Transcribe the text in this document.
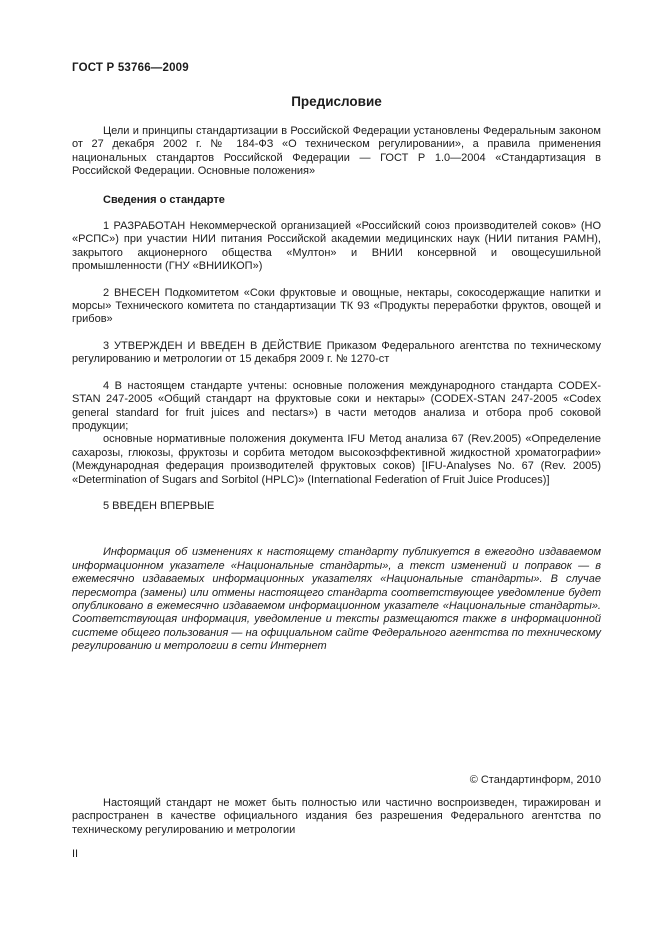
ГОСТ Р 53766—2009
Предисловие

Цели и принципы стандартизации в Российской Федерации установлены Федеральным законом от 27 декабря 2002 г. № 184-ФЗ «О техническом регулировании», а правила применения национальных стандартов Российской Федерации — ГОСТ Р 1.0—2004 «Стандартизация в Российской Федерации. Основные положения»

Сведения о стандарте

1 РАЗРАБОТАН Некоммерческой организацией «Российский союз производителей соков» (НО «РСПС») при участии НИИ питания Российской академии медицинских наук (НИИ питания РАМН), закрытого акционерного общества «Мултон» и ВНИИ консервной и овощесушильной промышленности (ГНУ «ВНИИКОП»)

2 ВНЕСЕН Подкомитетом «Соки фруктовые и овощные, нектары, сокосодержащие напитки и морсы» Технического комитета по стандартизации ТК 93 «Продукты переработки фруктов, овощей и грибов»

3 УТВЕРЖДЕН И ВВЕДЕН В ДЕЙСТВИЕ Приказом Федерального агентства по техническому регулированию и метрологии от 15 декабря 2009 г. № 1270-ст

4 В настоящем стандарте учтены: основные положения международного стандарта CODEX-STAN 247-2005 «Общий стандарт на фруктовые соки и нектары» (CODEX-STAN 247-2005 «Codex general standard for fruit juices and nectars») в части методов анализа и отбора проб соковой продукции;

основные нормативные положения документа IFU Метод анализа 67 (Rev.2005) «Определение сахарозы, глюкозы, фруктозы и сорбита методом высокоэффективной жидкостной хроматографии» (Международная федерация производителей фруктовых соков) [IFU-Analyses No. 67 (Rev. 2005) «Determination of Sugars and Sorbitol (HPLC)» (International Federation of Fruit Juice Produces)]

5 ВВЕДЕН ВПЕРВЫЕ

Информация об изменениях к настоящему стандарту публикуется в ежегодно издаваемом информационном указателе «Национальные стандарты», а текст изменений и поправок — в ежемесячно издаваемых информационных указателях «Национальные стандарты». В случае пересмотра (замены) или отмены настоящего стандарта соответствующее уведомление будет опубликовано в ежемесячно издаваемом информационном указателе «Национальные стандарты». Соответствующая информация, уведомление и тексты размещаются также в информационной системе общего пользования — на официальном сайте Федерального агентства по техническому регулированию и метрологии в сети Интернет

© Стандартинформ, 2010

Настоящий стандарт не может быть полностью или частично воспроизведен, тиражирован и распространен в качестве официального издания без разрешения Федерального агентства по техническому регулированию и метрологии

II
